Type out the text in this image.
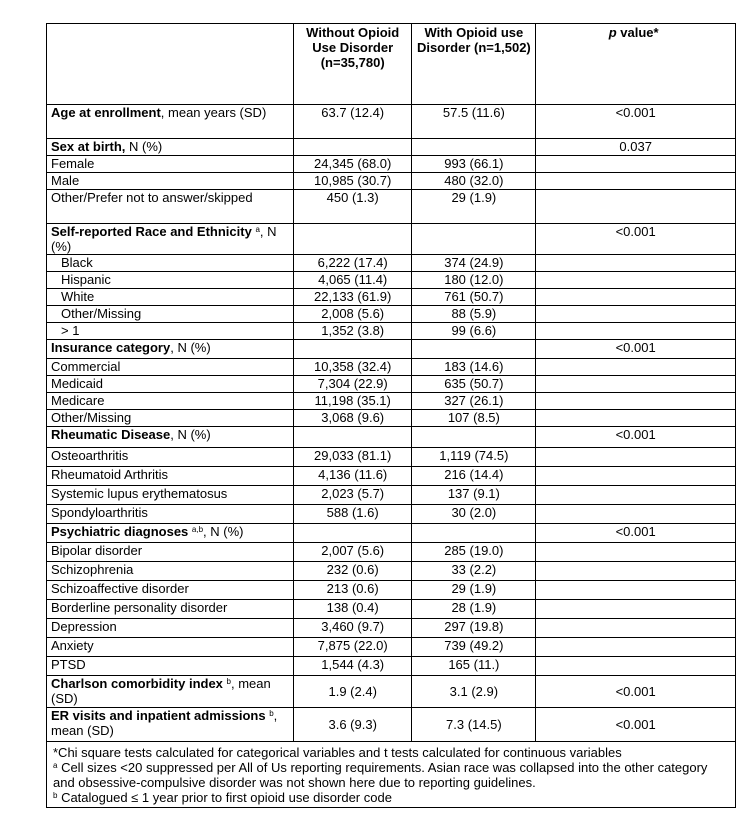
	Without Opioid Use Disorder (n=35,780)	With Opioid use Disorder (n=1,502)	p value*
Age at enrollment, mean years (SD)	63.7 (12.4)	57.5 (11.6)	<0.001
Sex at birth, N (%)			0.037
Female	24,345 (68.0)	993 (66.1)	
Male	10,985 (30.7)	480 (32.0)	
Other/Prefer not to answer/skipped	450 (1.3)	29 (1.9)	
Self-reported Race and Ethnicity $^a$, N (%)			<0.001
Black	6,222 (17.4)	374 (24.9)	
Hispanic	4,065 (11.4)	180 (12.0)	
White	22,133 (61.9)	761 (50.7)	
Other/Missing	2,008 (5.6)	88 (5.9)	
> 1	1,352 (3.8)	99 (6.6)	
Insurance category, N (%)			<0.001
Commercial	10,358 (32.4)	183 (14.6)	
Medicaid	7,304 (22.9)	635 (50.7)	
Medicare	11,198 (35.1)	327 (26.1)	
Other/Missing	3,068 (9.6)	107 (8.5)	
Rheumatic Disease, N (%)			<0.001
Osteoarthritis	29,033 (81.1)	1,119 (74.5)	
Rheumatoid Arthritis	4,136 (11.6)	216 (14.4)	
Systemic lupus erythematosus	2,023 (5.7)	137 (9.1)	
Spondyloarthritis	588 (1.6)	30 (2.0)	
Psychiatric diagnoses $^{a,b}$, N (%)			<0.001
Bipolar disorder	2,007 (5.6)	285 (19.0)	
Schizophrenia	232 (0.6)	33 (2.2)	
Schizoaffective disorder	213 (0.6)	29 (1.9)	
Borderline personality disorder	138 (0.4)	28 (1.9)	
Depression	3,460 (9.7)	297 (19.8)	
Anxiety	7,875 (22.0)	739 (49.2)	
PTSD	1,544 (4.3)	165 (11.)	
Charlson comorbidity index $^b$, mean (SD)	1.9 (2.4)	3.1 (2.9)	<0.001
ER visits and inpatient admissions $^b$, mean (SD)	3.6 (9.3)	7.3 (14.5)	<0.001

*Chi square tests calculated for categorical variables and t tests calculated for continuous variables
$^a$ Cell sizes <20 suppressed per All of Us reporting requirements. Asian race was collapsed into the other category and obsessive-compulsive disorder was not shown here due to reporting guidelines.
$^b$ Catalogued ≤ 1 year prior to first opioid use disorder code			
